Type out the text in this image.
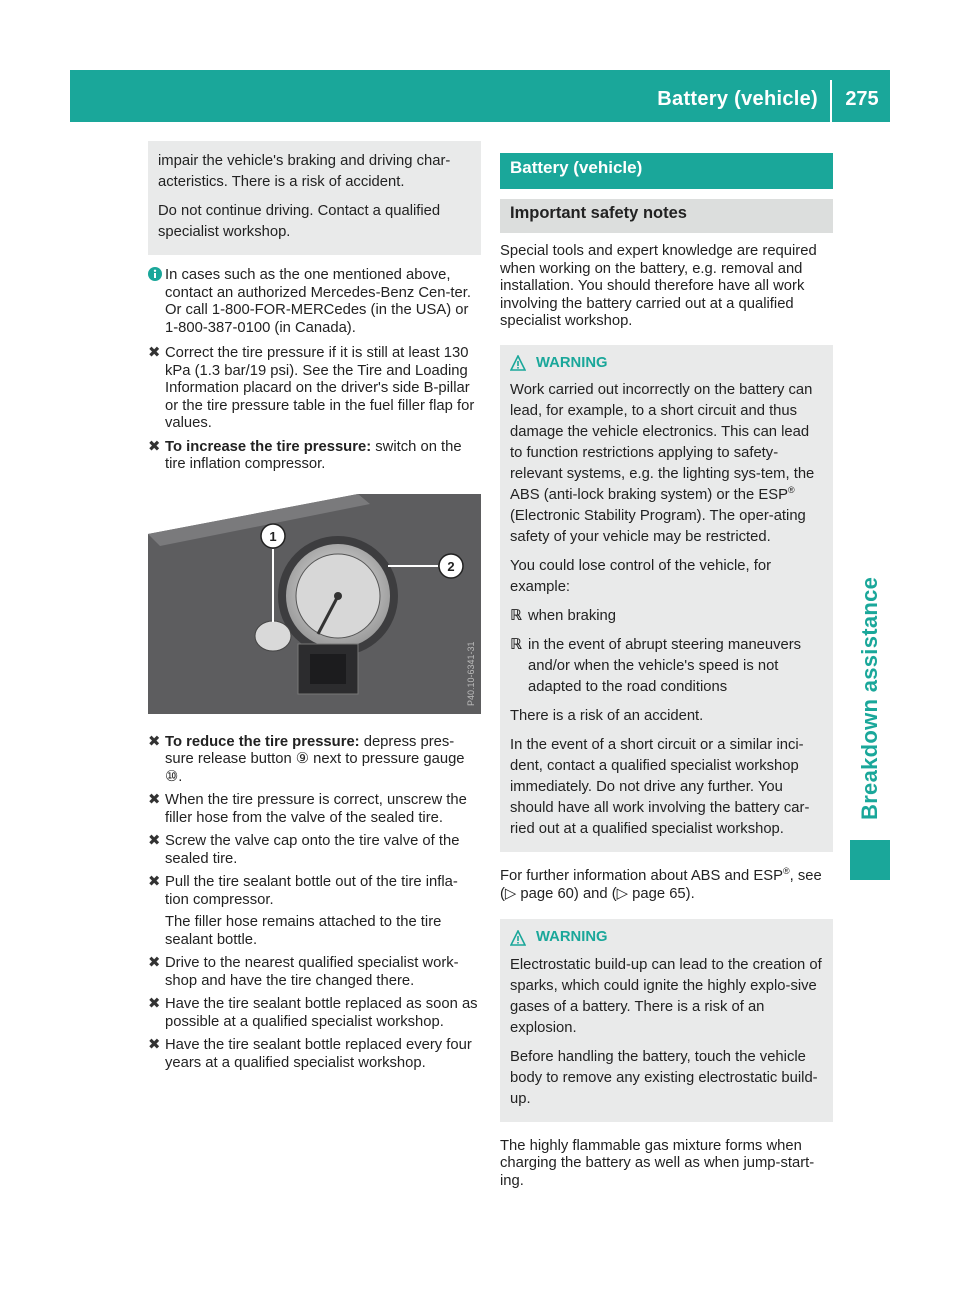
Battery (vehicle)	275
Breakdown assistance

impair the vehicle's braking and driving char-acteristics. There is a risk of accident.

Do not continue driving. Contact a qualified specialist workshop.

In cases such as the one mentioned above, contact an authorized Mercedes-Benz Cen-ter. Or call 1-800-FOR-MERCedes (in the USA) or 1-800-387-0100 (in Canada).
✖ Correct the tire pressure if it is still at least 130 kPa (1.3 bar/19 psi). See the Tire and Loading Information placard on the driver's side B-pillar or the tire pressure table in the fuel filler flap for values.
✖ To increase the tire pressure: switch on the tire inflation compressor.
1
2
P40.10-6341-31
✖ To reduce the tire pressure: depress pres-sure release button ⑨ next to pressure gauge ⑩.
✖ When the tire pressure is correct, unscrew the filler hose from the valve of the sealed tire.
✖ Screw the valve cap onto the tire valve of the sealed tire.
✖ Pull the tire sealant bottle out of the tire infla-tion compressor.
The filler hose remains attached to the tire sealant bottle.
✖ Drive to the nearest qualified specialist work-shop and have the tire changed there.
✖ Have the tire sealant bottle replaced as soon as possible at a qualified specialist workshop.
✖ Have the tire sealant bottle replaced every four years at a qualified specialist workshop.
Battery (vehicle)
Important safety notes

Special tools and expert knowledge are required when working on the battery, e.g. removal and installation. You should therefore have all work involving the battery carried out at a qualified specialist workshop.

WARNING

Work carried out incorrectly on the battery can lead, for example, to a short circuit and thus damage the vehicle electronics. This can lead to function restrictions applying to safety-relevant systems, e.g. the lighting sys-tem, the ABS (anti-lock braking system) or the ESP® (Electronic Stability Program). The oper-ating safety of your vehicle may be restricted.

You could lose control of the vehicle, for example:

ℝ when braking
ℝ in the event of abrupt steering maneuvers and/or when the vehicle's speed is not adapted to the road conditions

There is a risk of an accident.

In the event of a short circuit or a similar inci-dent, contact a qualified specialist workshop immediately. Do not drive any further. You should have all work involving the battery car-ried out at a qualified specialist workshop.

For further information about ABS and ESP®, see (▷ page 60) and (▷ page 65).

WARNING

Electrostatic build-up can lead to the creation of sparks, which could ignite the highly explo-sive gases of a battery. There is a risk of an explosion.

Before handling the battery, touch the vehicle body to remove any existing electrostatic build-up.

The highly flammable gas mixture forms when charging the battery as well as when jump-start-ing.
